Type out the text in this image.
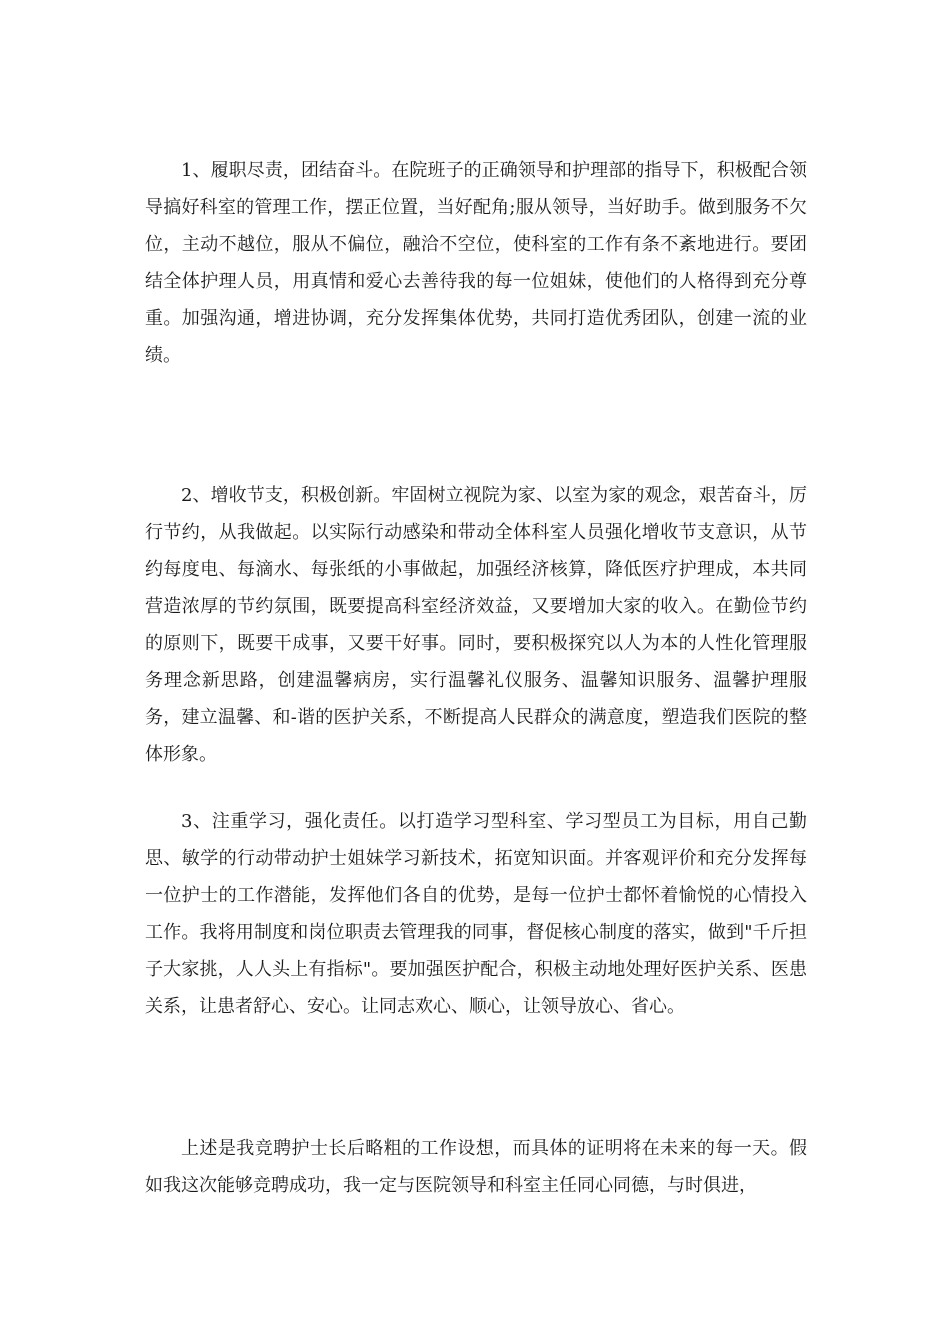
1、履职尽责，团结奋斗。在院班子的正确领导和护理部的指导下，积极配合领导搞好科室的管理工作，摆正位置，当好配角;服从领导，当好助手。做到服务不欠位，主动不越位，服从不偏位，融洽不空位，使科室的工作有条不紊地进行。要团结全体护理人员，用真情和爱心去善待我的每一位姐妹，使他们的人格得到充分尊重。加强沟通，增进协调，充分发挥集体优势，共同打造优秀团队，创建一流的业绩。

2、增收节支，积极创新。牢固树立视院为家、以室为家的观念，艰苦奋斗，厉行节约，从我做起。以实际行动感染和带动全体科室人员强化增收节支意识，从节约每度电、每滴水、每张纸的小事做起，加强经济核算，降低医疗护理成，本共同营造浓厚的节约氛围，既要提高科室经济效益，又要增加大家的收入。在勤俭节约的原则下，既要干成事，又要干好事。同时，要积极探究以人为本的人性化管理服务理念新思路，创建温馨病房，实行温馨礼仪服务、温馨知识服务、温馨护理服务，建立温馨、和-谐的医护关系，不断提高人民群众的满意度，塑造我们医院的整体形象。

3、注重学习，强化责任。以打造学习型科室、学习型员工为目标，用自己勤思、敏学的行动带动护士姐妹学习新技术，拓宽知识面。并客观评价和充分发挥每一位护士的工作潜能，发挥他们各自的优势，是每一位护士都怀着愉悦的心情投入工作。我将用制度和岗位职责去管理我的同事，督促核心制度的落实，做到"千斤担子大家挑，人人头上有指标"。要加强医护配合，积极主动地处理好医护关系、医患关系，让患者舒心、安心。让同志欢心、顺心，让领导放心、省心。

上述是我竞聘护士长后略粗的工作设想，而具体的证明将在未来的每一天。假如我这次能够竞聘成功，我一定与医院领导和科室主任同心同德，与时俱进，
